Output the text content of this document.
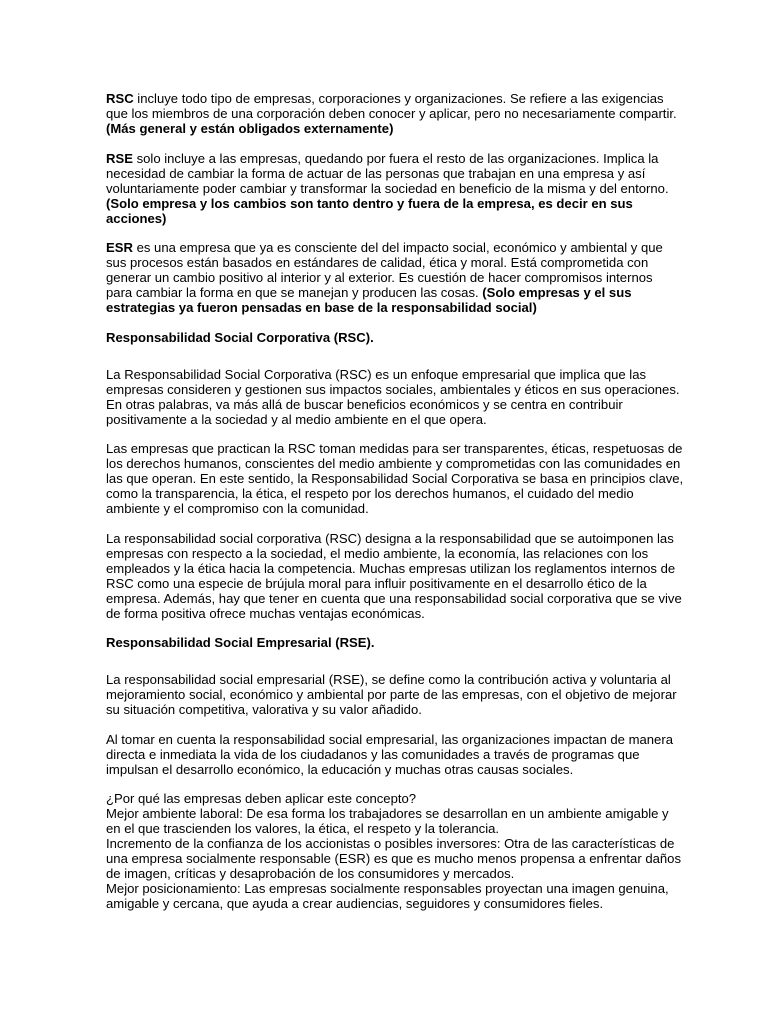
RSC incluye todo tipo de empresas, corporaciones y organizaciones. Se refiere a las exigencias
que los miembros de una corporación deben conocer y aplicar, pero no necesariamente compartir.
(Más general y están obligados externamente)

RSE solo incluye a las empresas, quedando por fuera el resto de las organizaciones. Implica la
necesidad de cambiar la forma de actuar de las personas que trabajan en una empresa y así
voluntariamente poder cambiar y transformar la sociedad en beneficio de la misma y del entorno.
(Solo empresa y los cambios son tanto dentro y fuera de la empresa, es decir en sus
acciones)

ESR es una empresa que ya es consciente del del impacto social, económico y ambiental y que
sus procesos están basados en estándares de calidad, ética y moral. Está comprometida con
generar un cambio positivo al interior y al exterior. Es cuestión de hacer compromisos internos
para cambiar la forma en que se manejan y producen las cosas. (Solo empresas y el sus
estrategias ya fueron pensadas en base de la responsabilidad social)

Responsabilidad Social Corporativa (RSC).

La Responsabilidad Social Corporativa (RSC) es un enfoque empresarial que implica que las
empresas consideren y gestionen sus impactos sociales, ambientales y éticos en sus operaciones.
En otras palabras, va más allá de buscar beneficios económicos y se centra en contribuir
positivamente a la sociedad y al medio ambiente en el que opera.

Las empresas que practican la RSC toman medidas para ser transparentes, éticas, respetuosas de
los derechos humanos, conscientes del medio ambiente y comprometidas con las comunidades en
las que operan. En este sentido, la Responsabilidad Social Corporativa se basa en principios clave,
como la transparencia, la ética, el respeto por los derechos humanos, el cuidado del medio
ambiente y el compromiso con la comunidad.

La responsabilidad social corporativa (RSC) designa a la responsabilidad que se autoimponen las
empresas con respecto a la sociedad, el medio ambiente, la economía, las relaciones con los
empleados y la ética hacia la competencia. Muchas empresas utilizan los reglamentos internos de
RSC como una especie de brújula moral para influir positivamente en el desarrollo ético de la
empresa. Además, hay que tener en cuenta que una responsabilidad social corporativa que se vive
de forma positiva ofrece muchas ventajas económicas.

Responsabilidad Social Empresarial (RSE).

La responsabilidad social empresarial (RSE), se define como la contribución activa y voluntaria al
mejoramiento social, económico y ambiental por parte de las empresas, con el objetivo de mejorar
su situación competitiva, valorativa y su valor añadido.

Al tomar en cuenta la responsabilidad social empresarial, las organizaciones impactan de manera
directa e inmediata la vida de los ciudadanos y las comunidades a través de programas que
impulsan el desarrollo económico, la educación y muchas otras causas sociales.

¿Por qué las empresas deben aplicar este concepto?
Mejor ambiente laboral: De esa forma los trabajadores se desarrollan en un ambiente amigable y
en el que trascienden los valores, la ética, el respeto y la tolerancia.
Incremento de la confianza de los accionistas o posibles inversores: Otra de las características de
una empresa socialmente responsable (ESR) es que es mucho menos propensa a enfrentar daños
de imagen, críticas y desaprobación de los consumidores y mercados.
Mejor posicionamiento: Las empresas socialmente responsables proyectan una imagen genuina,
amigable y cercana, que ayuda a crear audiencias, seguidores y consumidores fieles.
